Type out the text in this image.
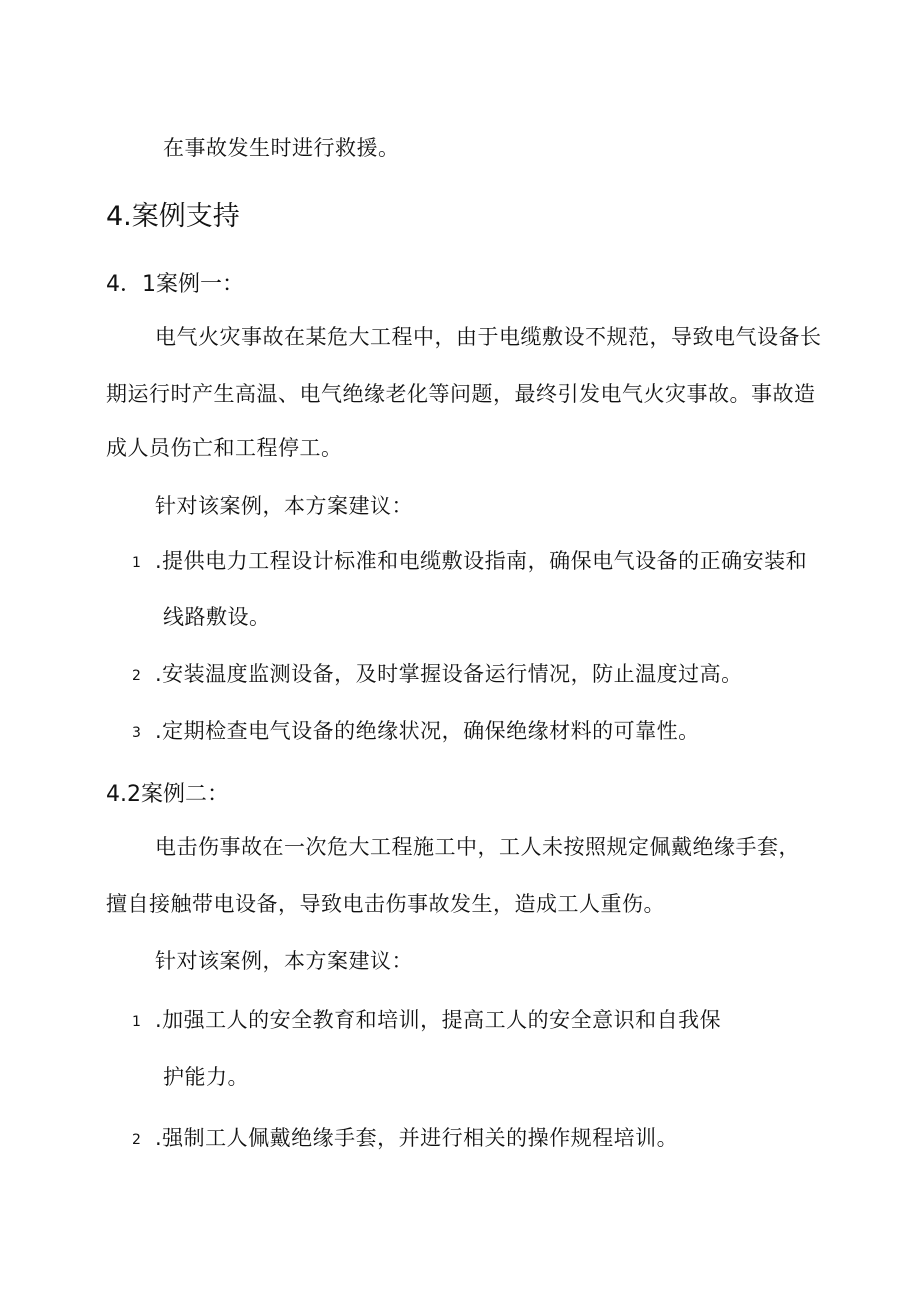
在事故发生时进行救援。
4.案例支持
4．1案例一：
电气火灾事故在某危大工程中，由于电缆敷设不规范，导致电气设备长
期运行时产生高温、电气绝缘老化等问题，最终引发电气火灾事故。事故造
成人员伤亡和工程停工。
针对该案例，本方案建议：
1 .提供电力工程设计标准和电缆敷设指南，确保电气设备的正确安装和
线路敷设。
2 .安装温度监测设备，及时掌握设备运行情况，防止温度过高。
3 .定期检查电气设备的绝缘状况，确保绝缘材料的可靠性。
4.2案例二：
电击伤事故在一次危大工程施工中，工人未按照规定佩戴绝缘手套，
擅自接触带电设备，导致电击伤事故发生，造成工人重伤。
针对该案例，本方案建议：
1 .加强工人的安全教育和培训，提高工人的安全意识和自我保
护能力。
2 .强制工人佩戴绝缘手套，并进行相关的操作规程培训。
